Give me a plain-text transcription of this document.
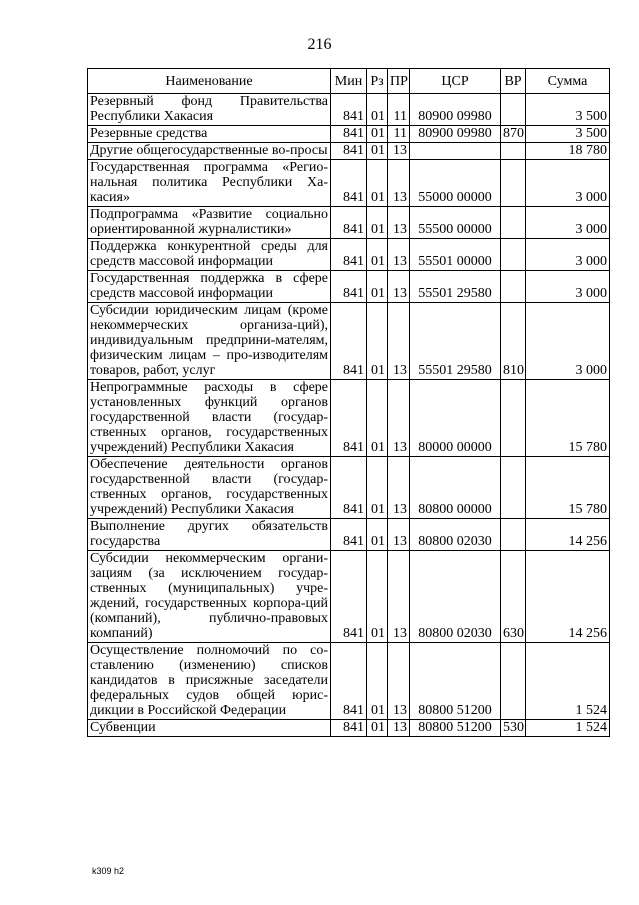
216
Наименование	Мин	Рз	ПР	ЦСР	ВР	Сумма
Резервный фонд Правительства Республики Хакасия	841	01	11	80900 09980		3 500
Резервные средства	841	01	11	80900 09980	870	3 500
Другие общегосударственные во-просы	841	01	13			18 780
Государственная программа «Регио-нальная политика Республики Ха-касия»	841	01	13	55000 00000		3 000
Подпрограмма «Развитие социально ориентированной журналистики»	841	01	13	55500 00000		3 000
Поддержка конкурентной среды для средств массовой информации	841	01	13	55501 00000		3 000
Государственная поддержка в сфере средств массовой информации	841	01	13	55501 29580		3 000
Субсидии юридическим лицам (кроме некоммерческих организа-ций), индивидуальным предприни-мателям, физическим лицам – про-изводителям товаров, работ, услуг	841	01	13	55501 29580	810	3 000
Непрограммные расходы в сфере установленных функций органов государственной власти (государ-ственных органов, государственных учреждений) Республики Хакасия	841	01	13	80000 00000		15 780
Обеспечение деятельности органов государственной власти (государ-ственных органов, государственных учреждений) Республики Хакасия	841	01	13	80800 00000		15 780
Выполнение других обязательств государства	841	01	13	80800 02030		14 256
Субсидии некоммерческим органи-зациям (за исключением государ-ственных (муниципальных) учре-ждений, государственных корпора-ций (компаний), публично-правовых компаний)	841	01	13	80800 02030	630	14 256
Осуществление полномочий по со-ставлению (изменению) списков кандидатов в присяжные заседатели федеральных судов общей юрис-дикции в Российской Федерации	841	01	13	80800 51200		1 524
Субвенции	841	01	13	80800 51200	530	1 524
k309 h2
